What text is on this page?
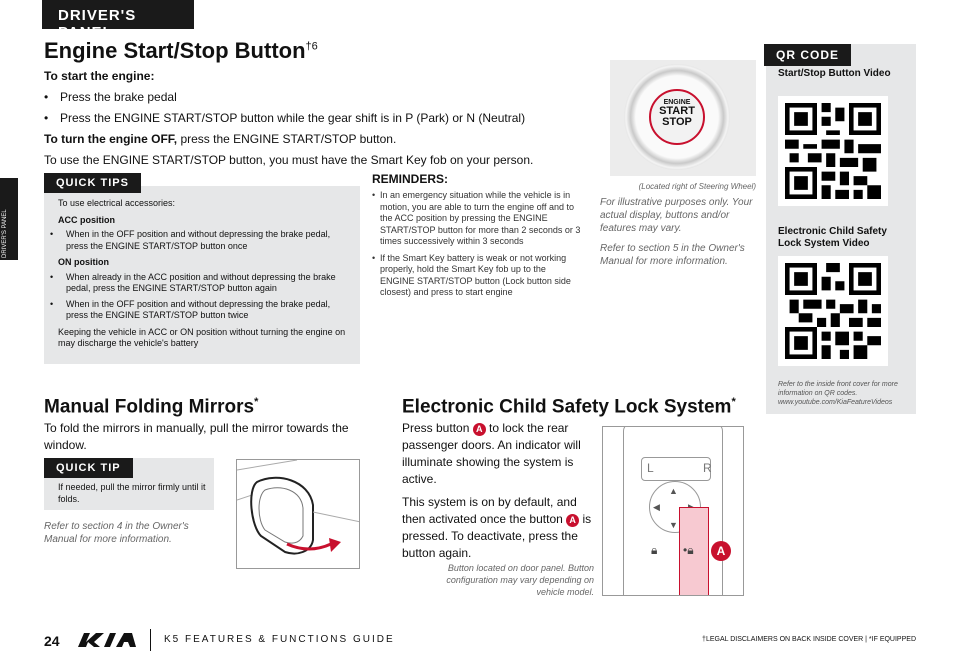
DRIVER'S PANEL
DRIVER'S PANEL
Engine Start/Stop Button$^{\dagger 6}$
To start the engine:
• Press the brake pedal
• Press the ENGINE START/STOP button while the gear shift is in P (Park) or N (Neutral)
To turn the engine OFF, press the ENGINE START/STOP button.
To use the ENGINE START/STOP button, you must have the Smart Key fob on your person.
QUICK TIPS
To use electrical accessories:
ACC position
• When in the OFF position and without depressing the brake pedal, press the ENGINE START/STOP button once
ON position
• When already in the ACC position and without depressing the brake pedal, press the ENGINE START/STOP button again
• When in the OFF position and without depressing the brake pedal, press the ENGINE START/STOP button twice
Keeping the vehicle in ACC or ON position without turning the engine on may discharge the vehicle's battery
REMINDERS:
• In an emergency situation while the vehicle is in motion, you are able to turn the engine off and to the ACC position by pressing the ENGINE START/STOP button for more than 2 seconds or 3 times successively within 3 seconds
• If the Smart Key battery is weak or not working properly, hold the Smart Key fob up to the ENGINE START/STOP button (Lock button side closest) and press to start engine
ENGINE
START
STOP
(Located right of Steering Wheel)
For illustrative purposes only. Your actual display, buttons and/or features may vary.
Refer to section 5 in the Owner's Manual for more information.
QR CODE
Start/Stop Button Video
Electronic Child Safety Lock System Video
Refer to the inside front cover for more information on QR codes. www.youtube.com/KiaFeatureVideos
Manual Folding Mirrors*
To fold the mirrors in manually, pull the mirror towards the window.
QUICK TIP
If needed, pull the mirror firmly until it folds.
Refer to section 4 in the Owner's Manual for more information.
Electronic Child Safety Lock System*
Press button A to lock the rear passenger doors. An indicator will illuminate showing the system is active.
This system is on by default, and then activated once the button A is pressed. To deactivate, press the button again.
Button located on door panel. Button configuration may vary depending on vehicle model.
L	R
▲
▼
◀
🔒︎ •🔒︎	A
24	K5 FEATURES & FUNCTIONS GUIDE	†LEGAL DISCLAIMERS ON BACK INSIDE COVER | *IF EQUIPPED
